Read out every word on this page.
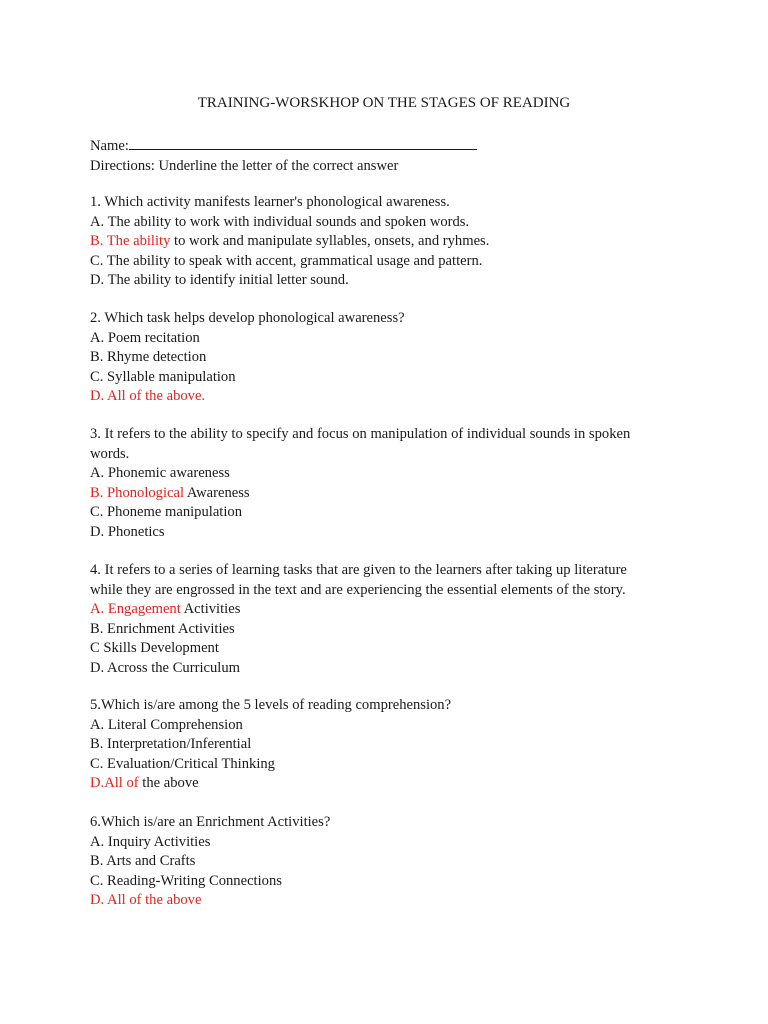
TRAINING-WORSKHOP ON THE STAGES OF READING
Name:
Directions: Underline the letter of the correct answer
1. Which activity manifests learner's phonological awareness.
A. The ability to work with individual sounds and spoken words.
B. The ability to work and manipulate syllables, onsets, and ryhmes.
C. The ability to speak with accent, grammatical usage and pattern.
D. The ability to identify initial letter sound.
2. Which task helps develop phonological awareness?
A. Poem recitation
B. Rhyme detection
C. Syllable manipulation
D. All of the above.
3. It refers to the ability to specify and focus on manipulation of individual sounds in spoken words.
A. Phonemic awareness
B. Phonological Awareness
C. Phoneme manipulation
D. Phonetics
4. It refers to a series of learning tasks that are given to the learners after taking up literature while they are engrossed in the text and are experiencing the essential elements of the story.
A. Engagement Activities
B. Enrichment Activities
C Skills Development
D. Across the Curriculum
5.Which is/are among the 5 levels of reading comprehension?
A. Literal Comprehension
B. Interpretation/Inferential
C. Evaluation/Critical Thinking
D.All of the above
6.Which is/are an Enrichment Activities?
A. Inquiry Activities
B. Arts and Crafts
C. Reading-Writing Connections
D. All of the above
